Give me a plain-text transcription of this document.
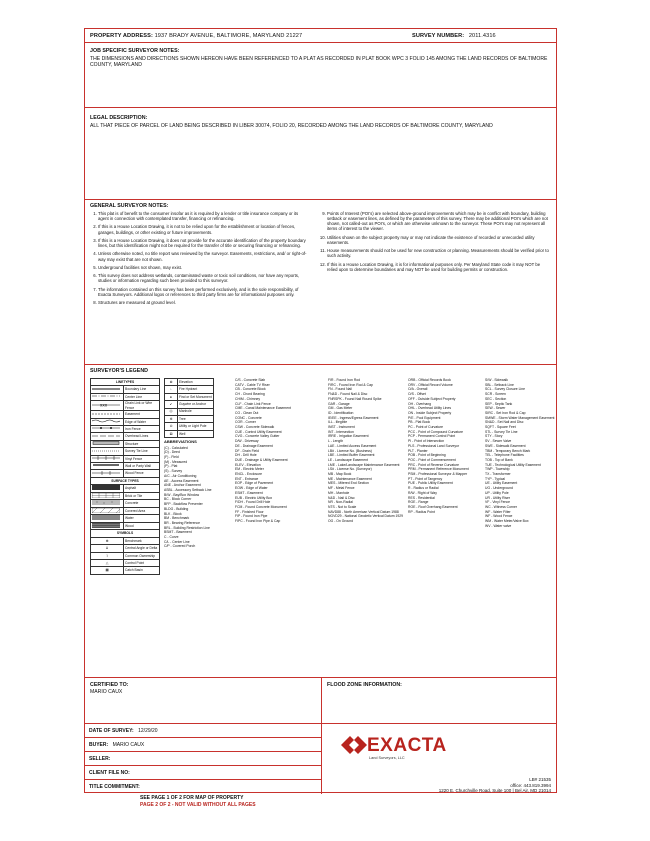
PROPERTY ADDRESS: 1937 BRADY AVENUE, BALTIMORE, MARYLAND 21227	SURVEY NUMBER: 2011.4316
JOB SPECIFIC SURVEYOR NOTES:
THE DIMENSIONS AND DIRECTIONS SHOWN HEREON HAVE BEEN REFERENCED TO A PLAT AS RECORDED IN PLAT BOOK WPC 3 FOLIO 145 AMONG THE LAND RECORDS OF BALTIMORE COUNTY, MARYLAND
LEGAL DESCRIPTION:
ALL THAT PIECE OF PARCEL OF LAND BEING DESCRIBED IN LIBER 30074, FOLIO 20, RECORDED AMONG THE LAND RECORDS OF BALTIMORE COUNTY, MARYLAND
GENERAL SURVEYOR NOTES:
1. This plat is of benefit to the consumer insofar as it is required by a lender or title insurance company or its agent in connection with contemplated transfer, financing or refinancing.
2. If this is a House Location Drawing, it is not to be relied upon for the establishment or location of fences, garages, buildings, or other existing or future improvements.
3. If this is a House Location Drawing, it does not provide for the accurate identification of the property boundary lines, but this identification might not be required for the transfer of title or securing financing or refinancing.
4. Unless otherwise noted, no title report was reviewed by the surveyor. Easements, restrictions, and/ or right-of-way may exist that are not shown.
5. Underground facilities not shown, may exist.
6. This survey does not address wetlands, contaminated waste or toxic soil conditions, nor have any reports, studies or information regarding such been provided to this surveyor.
7. The information contained on this survey has been performed exclusively, and is the sole responsibility, of Exacta Surveyors. Additional logos or references to third party firms are for informational purposes only.
8. Structures are measured at ground level.
9. Points of Interest (POI's) are selected above-ground improvements which may be in conflict with boundary, building setback or easement lines, as defined by the parameters of this survey. There may be additional POI's which are not shown, not called-out as POI's, or which are otherwise unknown to the surveyor. These POI's may not represent all items of interest to the viewer.
10. Utilities shown on the subject property may or may not indicate the existence of recorded or unrecorded utility easements.
11. House measurements should not be used for new construction or planning. Measurements should be verified prior to such activity.
12. If this is a House Location Drawing, it is for informational purposes only. Per Maryland State code it may NOT be relied upon to determine boundaries and may NOT be used for building permits or construction.
SURVEYOR'S LEGEND
LINETYPES	
	Boundary Line
	Center Line

xxx	Chain Link or Wire Fence
	Easement
	Edge of Water
	Iron Fence
	Overhead Lines
	Structure
	Survey Tie Line
	Vinyl Fence
	Wall or Party Wall
	Wood Fence
SURFACE TYPES	
	Asphalt
	Brick or Tile
	Concrete
	Covered Area
	Water
	Wood
SYMBOLS	
⊕	Benchmark
Δ	Central Angle or Delta
⌇	Common Ownership
△	Control Point
▦	Catch Basin
⊗	Elevation
♁	Fire Hydrant
●	Find or Set Monument
↙	Guywire or Anchor
◎	Manhole
✲	Tree
⊙	Utility or Light Pole
⊠	Well
ABBREVIATIONS
(C) - Calculated
(D) - Deed
(F) - Field
(M) - Measured
(P) - Plat
(S) - Survey
A/C - Air Conditioning
AE - Access Easement
ANE - Anchor Easement
ASBL - Accessory Setback Line
B/W - Bay/Box Window
BC - Block Corner
BFP - Backflow Preventer
BLDG - Building
BLK - Block
BM - Benchmark
BR - Bearing Reference
BRL - Building Restriction Line
BSMT - Basement
C - Curve
C/L - Center Line
C/P - Covered Porch
C/S - Concrete Slab
CATV - Cable TV Riser
CB - Concrete Block
CH - Chord Bearing
CHIM - Chimney
CLF - Chain Link Fence
CME - Canal Maintenance Easement
CO - Clean Out
CONC - Concrete
COR - Corner
CSW - Concrete Sidewalk
CUE - Control Utility Easement
CVG - Concrete Valley Gutter
D/W - Driveway
DE - Drainage Easement
DF - Drain Field
DH - Drill Hole
DUE - Drainage & Utility Easement
ELEV - Elevation
EM - Electric Meter
ENCL - Enclosure
ENT - Entrance
EOP - Edge of Pavement
EOW - Edge of Water
ESMT - Easement
EUB - Electric Utility Box
F/DH - Found Drill Hole
FCM - Found Concrete Monument
FF - Finished Floor
FIP - Found Iron Pipe
FIPC - Found Iron Pipe & Cap
FIR - Found Iron Rod
FIRC - Found Iron Rod & Cap
FN - Found Nail
FN&D - Found Nail & Disc
FNRSPK - Found Nail Round Spike
GAR - Garage
GM - Gas Meter
ID - Identification
IE/EE - Ingress/Egress Easement
ILL - Illegible
INST - Instrument
INT - Intersection
IRRE - Irrigation Easement
L - Length
LAE - Limited Access Easement
LB# - License No. (Business)
LBE - Limited Buffer Easement
LE - Landscape Easement
LME - Lake/Landscape Maintenance Easement
LS# - License No. (Surveyor)
MB - Map Book
ME - Maintenance Easement
MES - Mitered End Section
MF - Metal Fence
MH - Manhole
N&D - Nail & Disc
NR - Non-Radial
NTS - Not to Scale
NAVD88 - North American Vertical Datum 1988
NGVD29 - National Geodetic Vertical Datum 1929
OG - On Ground
ORB - Official Records Book
ORV - Official Record Volume
O/A - Overall
O/S - Offset
OFF - Outside Subject Property
OH - Overhang
OHL - Overhead Utility Lines
ON - Inside Subject Property
P/E - Pool Equipment
PB - Plat Book
PC - Point of Curvature
PCC - Point of Compound Curvature
PCP - Permanent Control Point
PI - Point of Intersection
PLS - Professional Land Surveyor
PLT - Planter
POB - Point of Beginning
POC - Point of Commencement
PRC - Point of Reverse Curvature
PRM - Permanent Reference Monument
PSM - Professional Surveyor & Mapper
PT - Point of Tangency
PUE - Public Utility Easement
R - Radius or Radial
R/W - Right of Way
RES - Residential
RGE - Range
ROE - Roof Overhang Easement
RP - Radius Point
S/W - Sidewalk
SBL - Setback Line
SCL - Survey Closure Line
SCR - Screen
SEC - Section
SEP - Septic Tank
SEW - Sewer
SIRC - Set Iron Rod & Cap
SMWE - Storm Water Management Easement
SN&D - Set Nail and Disc
SQFT - Square Feet
STL - Survey Tie Line
STY - Story
SV - Sewer Valve
SWE - Sidewalk Easement
TBM - Temporary Bench Mark
TEL - Telephone Facilities
TOB - Top of Bank
TUE - Technological Utility Easement
TWP - Township
TX - Transformer
TYP - Typical
UE - Utility Easement
UG - Underground
UP - Utility Pole
UR - Utility Riser
VF - Vinyl Fence
WC - Witness Corner
WF - Water Filter
WF - Wood Fence
WM - Water Meter/Valve Box
WV - Water valve
CERTIFIED TO:
MARIO CAUX
FLOOD ZONE INFORMATION:
DATE OF SURVEY: 12/29/20
BUYER: MARIO CAUX
SELLER:
CLIENT FILE NO:
TITLE COMMITMENT:
EXACTA
Land Surveyors, LLC
LB# 21535
office: 443.819.3994
1220 E. Churchville Road, Suite 100 | Bel Air, MD 21014
SEE PAGE 1 OF 2 FOR MAP OF PROPERTY
PAGE 2 OF 2 - NOT VALID WITHOUT ALL PAGES
bright MLS
